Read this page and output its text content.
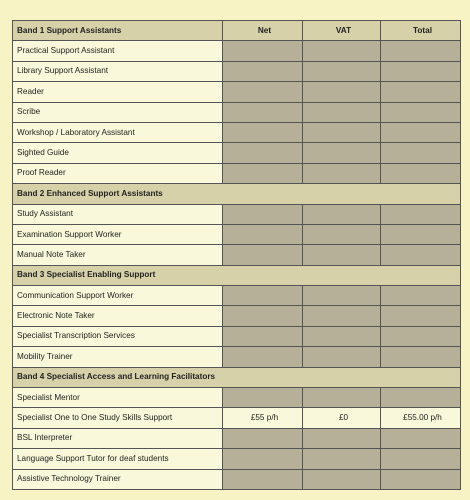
Band 1 Support Assistants	Net	VAT	Total
Practical Support Assistant			
Library Support Assistant			
Reader			
Scribe			
Workshop / Laboratory Assistant			
Sighted Guide			
Proof Reader			
Band 2 Enhanced Support Assistants			
Study Assistant			
Examination Support Worker			
Manual Note Taker			
Band 3 Specialist Enabling Support			
Communication Support Worker			
Electronic Note Taker			
Specialist Transcription Services			
Mobility Trainer			
Band 4 Specialist Access and Learning Facilitators			
Specialist Mentor			
Specialist One to One Study Skills Support	£55 p/h	£0	£55.00 p/h
BSL Interpreter			
Language Support Tutor for deaf students			
Assistive Technology Trainer			
